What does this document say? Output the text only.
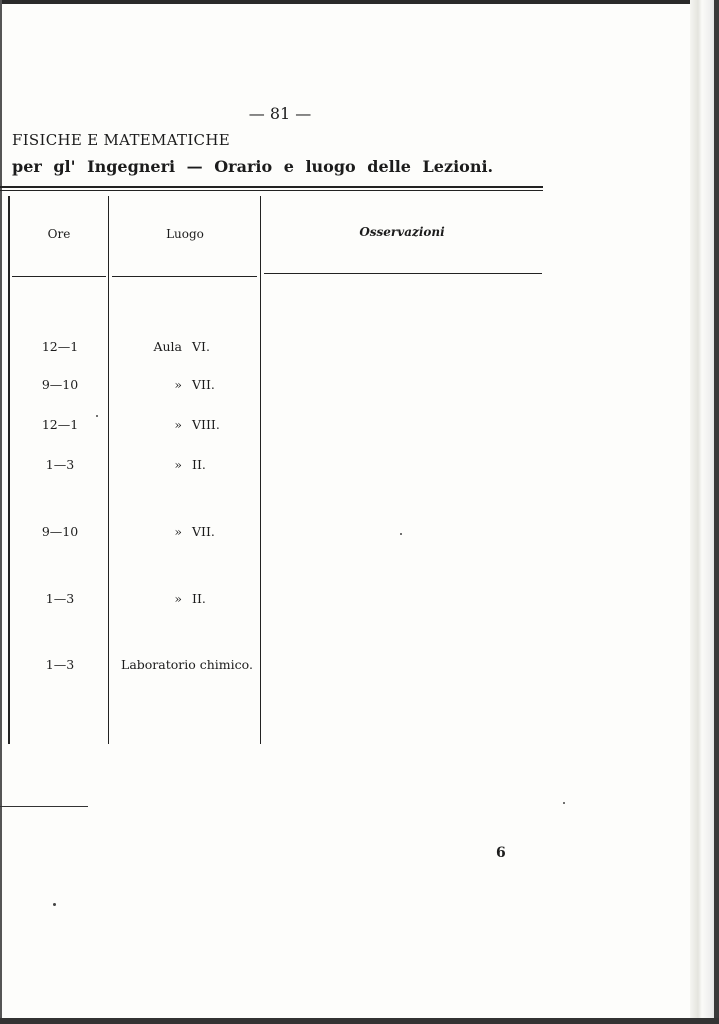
— 81 —
FISICHE E MATEMATICHE
per gl' Ingegneri — Orario e luogo delle Lezioni.
Ore	Luogo	Osservazioni
12—1	Aula VI.
9—10	» VII.
12—1	» VIII.
1—3	» II.
9—10	» VII.
1—3	» II.
1—3	Laboratorio chimico.
6
